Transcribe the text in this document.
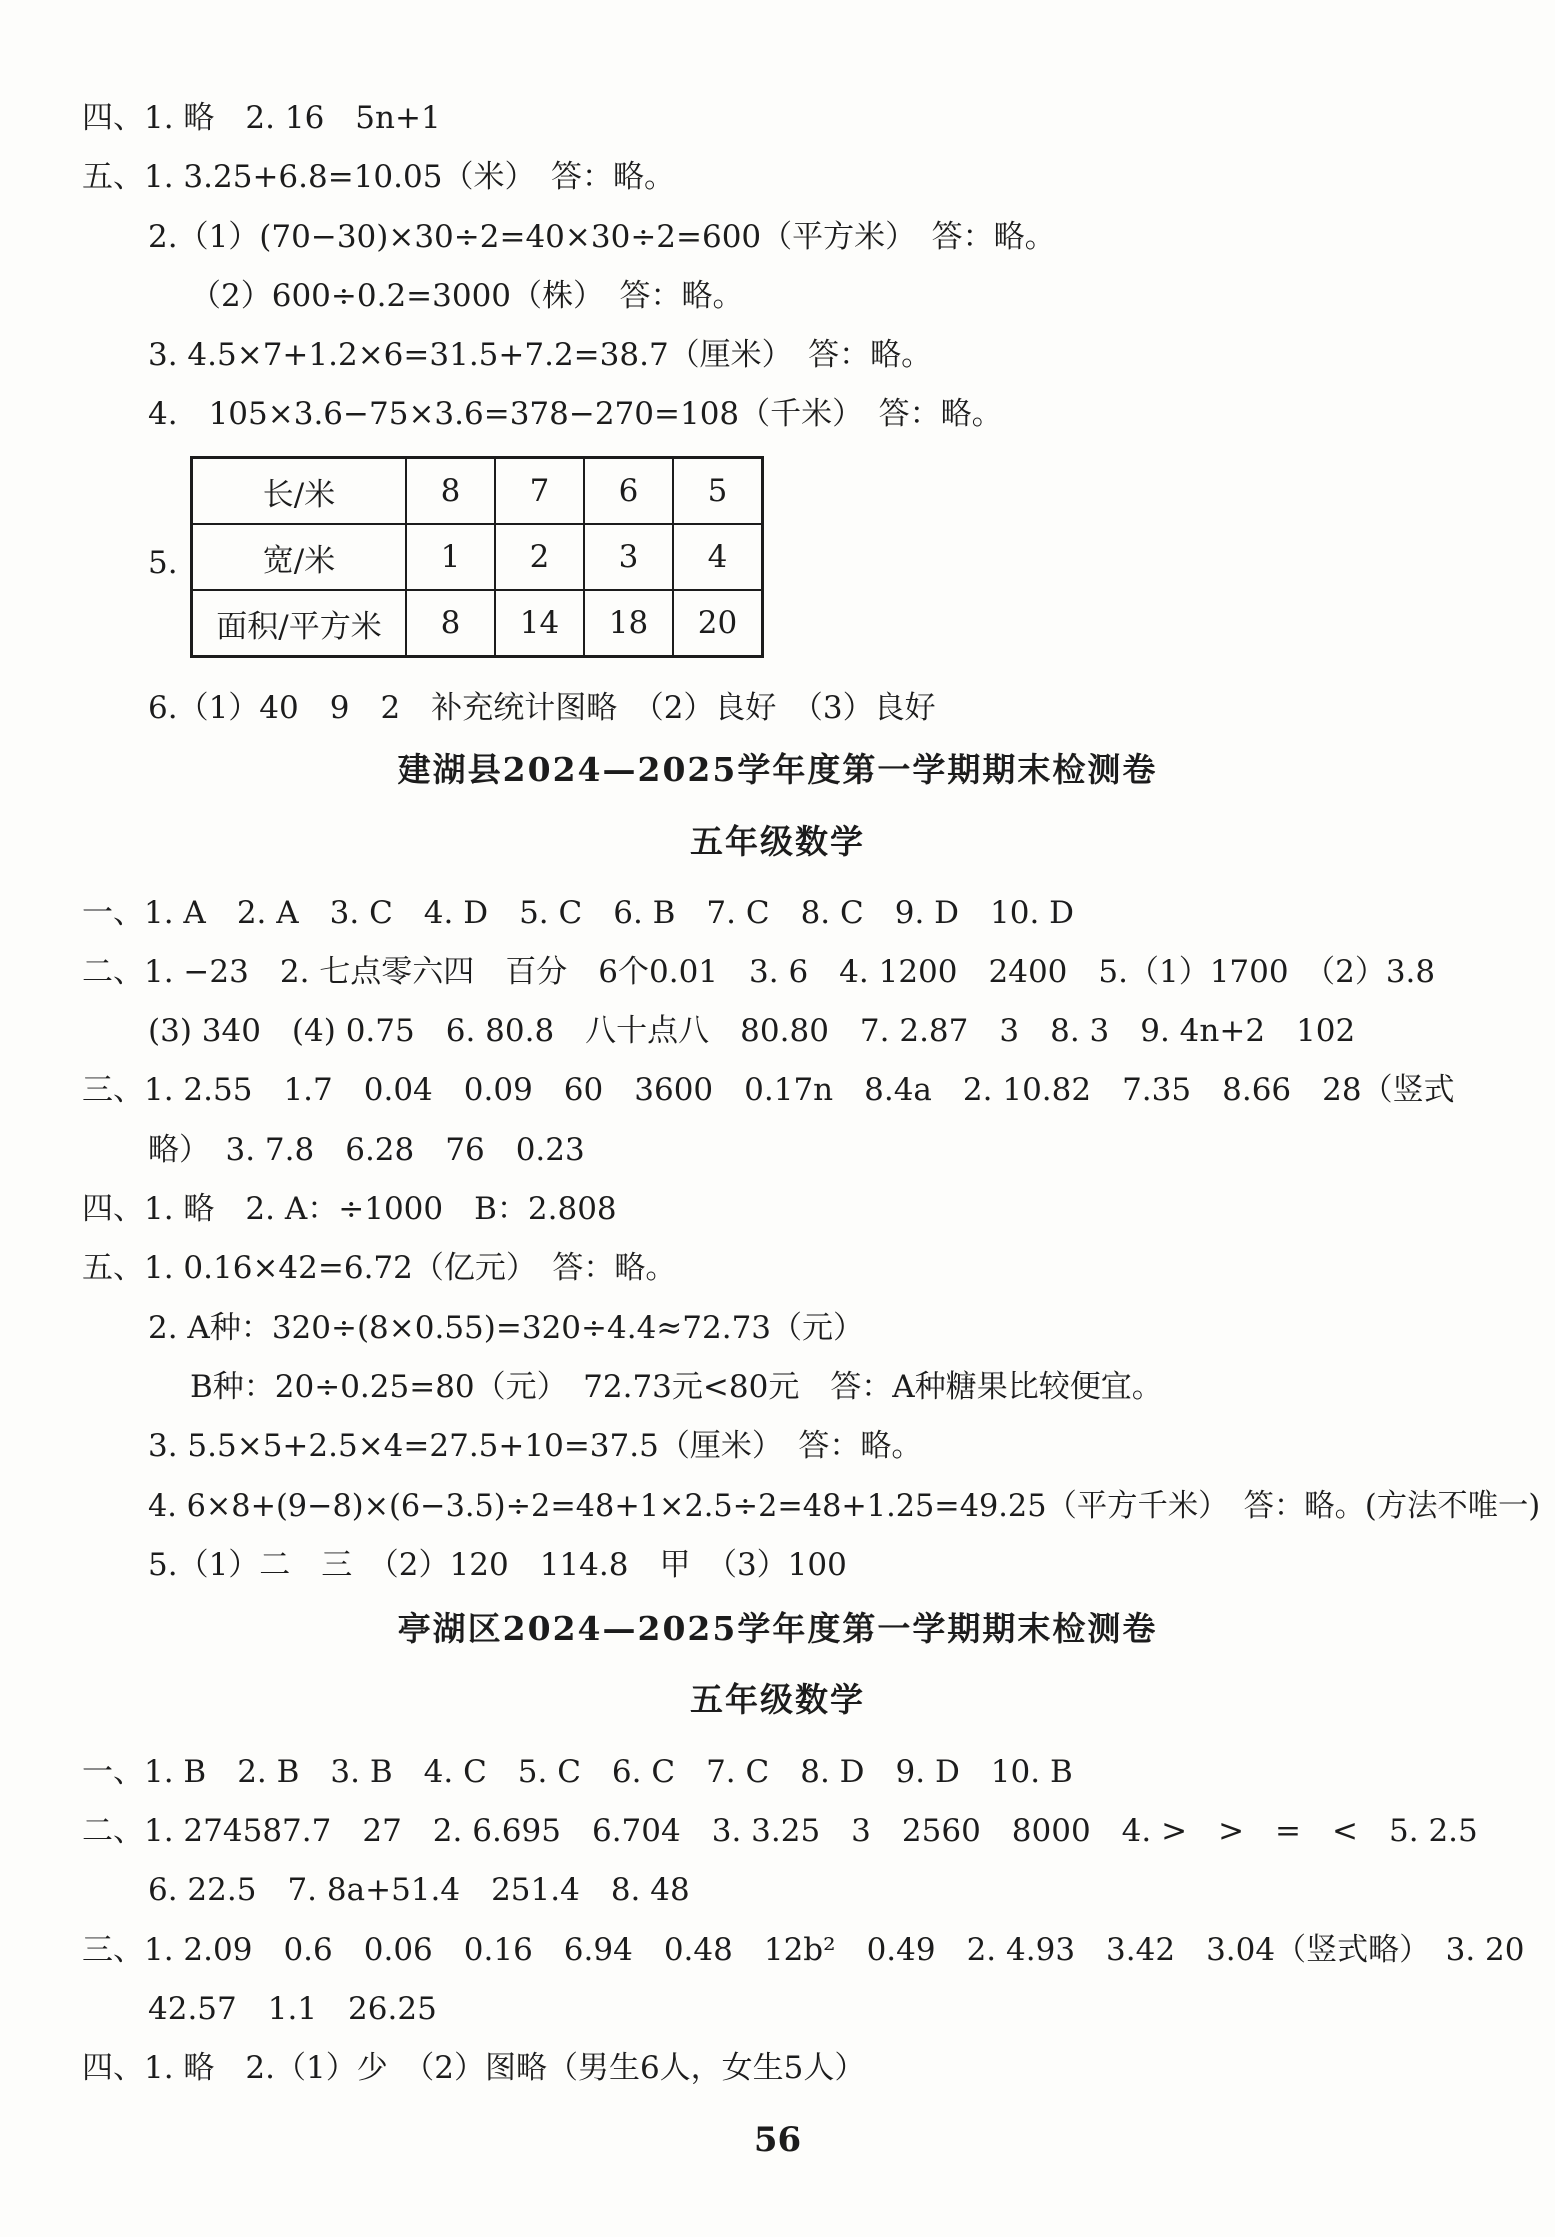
四、1. 略　2. 16　5n+1
五、1. 3.25+6.8=10.05（米）　答：略。
2.（1）(70−30)×30÷2=40×30÷2=600（平方米）　答：略。
（2）600÷0.2=3000（株）　答：略。
3. 4.5×7+1.2×6=31.5+7.2=38.7（厘米）　答：略。
4.　105×3.6−75×3.6=378−270=108（千米）　答：略。
5.
长/米	8	7	6	5
宽/米	1	2	3	4
面积/平方米	8	14	18	20
6.（1）40　9　2　补充统计图略　（2）良好　（3）良好
建湖县2024—2025学年度第一学期期末检测卷
五年级数学
一、1. A　2. A　3. C　4. D　5. C　6. B　7. C　8. C　9. D　10. D
二、1. −23　2. 七点零六四　百分　6个0.01　3. 6　4. 1200　2400　5.（1）1700　（2）3.8
(3) 340　(4) 0.75　6. 80.8　八十点八　80.80　7. 2.87　3　8. 3　9. 4n+2　102
三、1. 2.55　1.7　0.04　0.09　60　3600　0.17n　8.4a　2. 10.82　7.35　8.66　28（竖式
略）　3. 7.8　6.28　76　0.23
四、1. 略　2. A：÷1000　B：2.808
五、1. 0.16×42=6.72（亿元）　答：略。
2. A种：320÷(8×0.55)=320÷4.4≈72.73（元）
B种：20÷0.25=80（元）　72.73元<80元　答：A种糖果比较便宜。
3. 5.5×5+2.5×4=27.5+10=37.5（厘米）　答：略。
4. 6×8+(9−8)×(6−3.5)÷2=48+1×2.5÷2=48+1.25=49.25（平方千米）　答：略。(方法不唯一)
5.（1）二　三　（2）120　114.8　甲　（3）100
亭湖区2024—2025学年度第一学期期末检测卷
五年级数学
一、1. B　2. B　3. B　4. C　5. C　6. C　7. C　8. D　9. D　10. B
二、1. 274587.7　27　2. 6.695　6.704　3. 3.25　3　2560　8000　4. >　>　=　<　5. 2.5
6. 22.5　7. 8a+51.4　251.4　8. 48
三、1. 2.09　0.6　0.06　0.16　6.94　0.48　12b²　0.49　2. 4.93　3.42　3.04（竖式略）　3. 20
42.57　1.1　26.25
四、1. 略　2.（1）少　（2）图略（男生6人，女生5人）
56
